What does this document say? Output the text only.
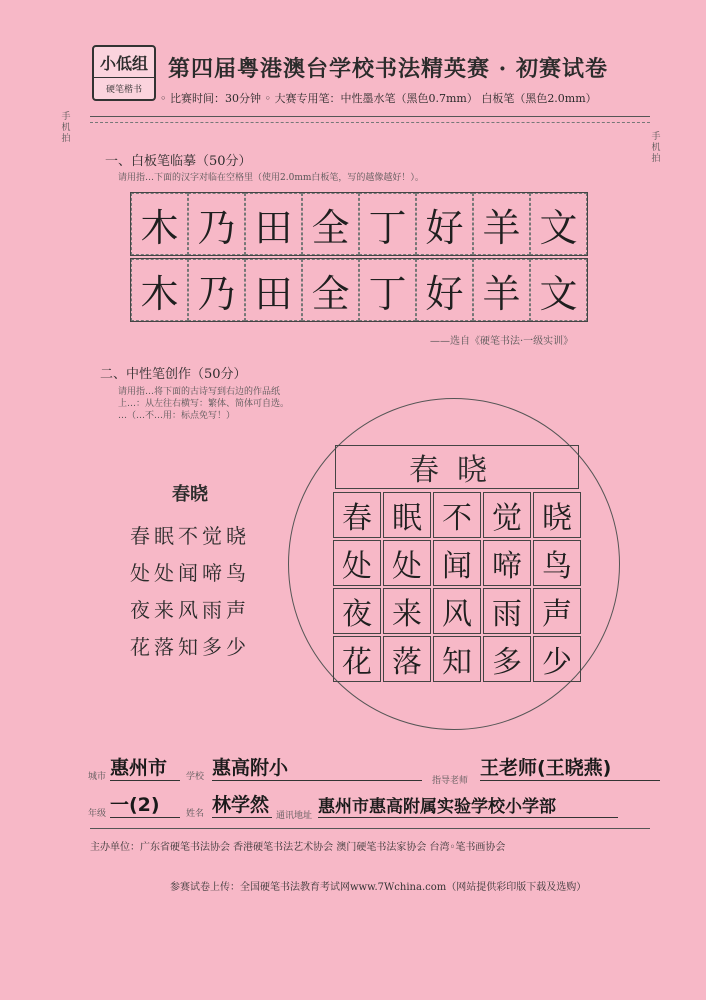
小低组
硬笔楷书
第四届粤港澳台学校书法精英赛 · 初赛试卷
◦ 比赛时间：30分钟 ◦ 大赛专用笔：中性墨水笔（黑色0.7mm） 白板笔（黑色2.0mm）
手机拍	手机拍
一、白板笔临摹（50分）
请用指…下面的汉字对临在空格里（使用2.0mm白板笔，写的越像越好！）。
木 乃 田 全 丁 好 羊 文
木 乃 田 全 丁 好 羊 文
——选自《硬笔书法·一级实训》
二、中性笔创作（50分）
请用指…将下面的古诗写到右边的作品纸
上…：从左往右横写：繁体、简体可自选。
…（…不…用：标点免写！）
春晓
春眠不觉晓
处处闻啼鸟
夜来风雨声
花落知多少
春晓
春 眠 不 觉 晓
处 处 闻 啼 鸟
夜 来 风 雨 声
花 落 知 多 少
城市 惠州市	学校 惠高附小
指导老师
王老师(王晓燕)
年级 一(2)	姓名 林学然 通讯地址 惠州市惠高附属实验学校小学部
主办单位：广东省硬笔书法协会 香港硬笔书法艺术协会 澳门硬笔书法家协会 台湾◦笔书画协会
参赛试卷上传：全国硬笔书法教育考试网www.7Wchina.com（网站提供彩印版下载及选购）
